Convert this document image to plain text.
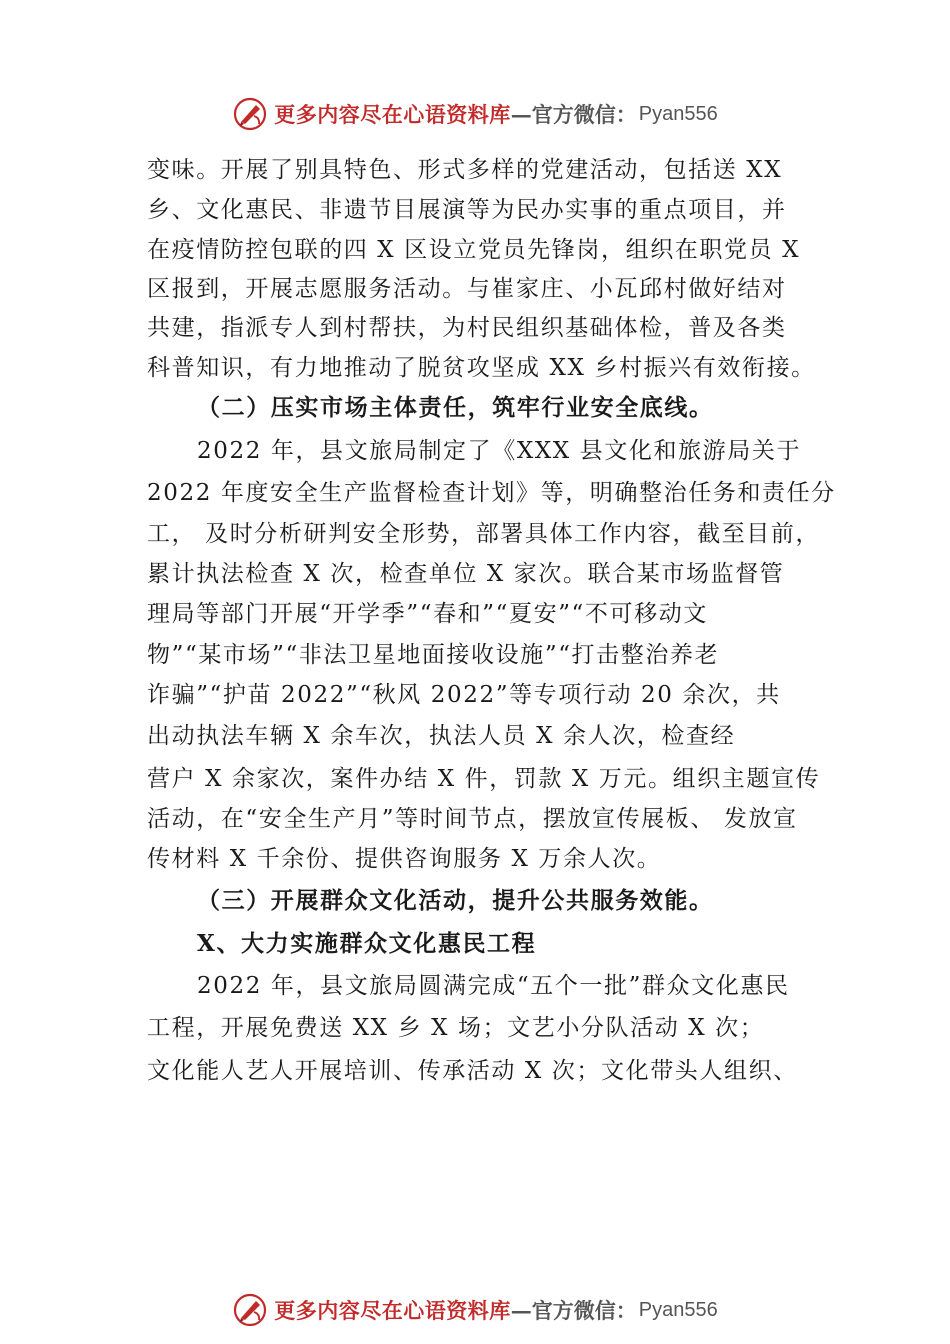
更多内容尽在心语资料库 — 官方微信： Pyan556
变味。开展了别具特色、形式多样的党建活动，包括送 XX
乡、文化惠民、非遗节目展演等为民办实事的重点项目，并
在疫情防控包联的四 X 区设立党员先锋岗，组织在职党员 X
区报到，开展志愿服务活动。与崔家庄、小瓦邱村做好结对
共建，指派专人到村帮扶，为村民组织基础体检，普及各类
科普知识，有力地推动了脱贫攻坚成 XX 乡村振兴有效衔接。
（二）压实市场主体责任，筑牢行业安全底线。
2022 年，县文旅局制定了《XXX 县文化和旅游局关于
2022 年度安全生产监督检查计划》等，明确整治任务和责任分
工， 及时分析研判安全形势，部署具体工作内容，截至目前，
累计执法检查 X 次，检查单位 X 家次。联合某市场监督管
理局等部门开展“开学季”“春和”“夏安”“不可移动文
物”“某市场”“非法卫星地面接收设施”“打击整治养老
诈骗”“护苗 2022”“秋风 2022”等专项行动 20 余次，共
出动执法车辆 X 余车次，执法人员 X 余人次，检查经
营户 X 余家次，案件办结 X 件，罚款 X 万元。组织主题宣传
活动，在“安全生产月”等时间节点，摆放宣传展板、 发放宣
传材料 X 千余份、提供咨询服务 X 万余人次。
（三）开展群众文化活动，提升公共服务效能。
X、大力实施群众文化惠民工程
2022 年，县文旅局圆满完成“五个一批”群众文化惠民
工程，开展免费送 XX 乡 X 场；文艺小分队活动 X 次；
文化能人艺人开展培训、传承活动 X 次；文化带头人组织、
更多内容尽在心语资料库 — 官方微信： Pyan556
